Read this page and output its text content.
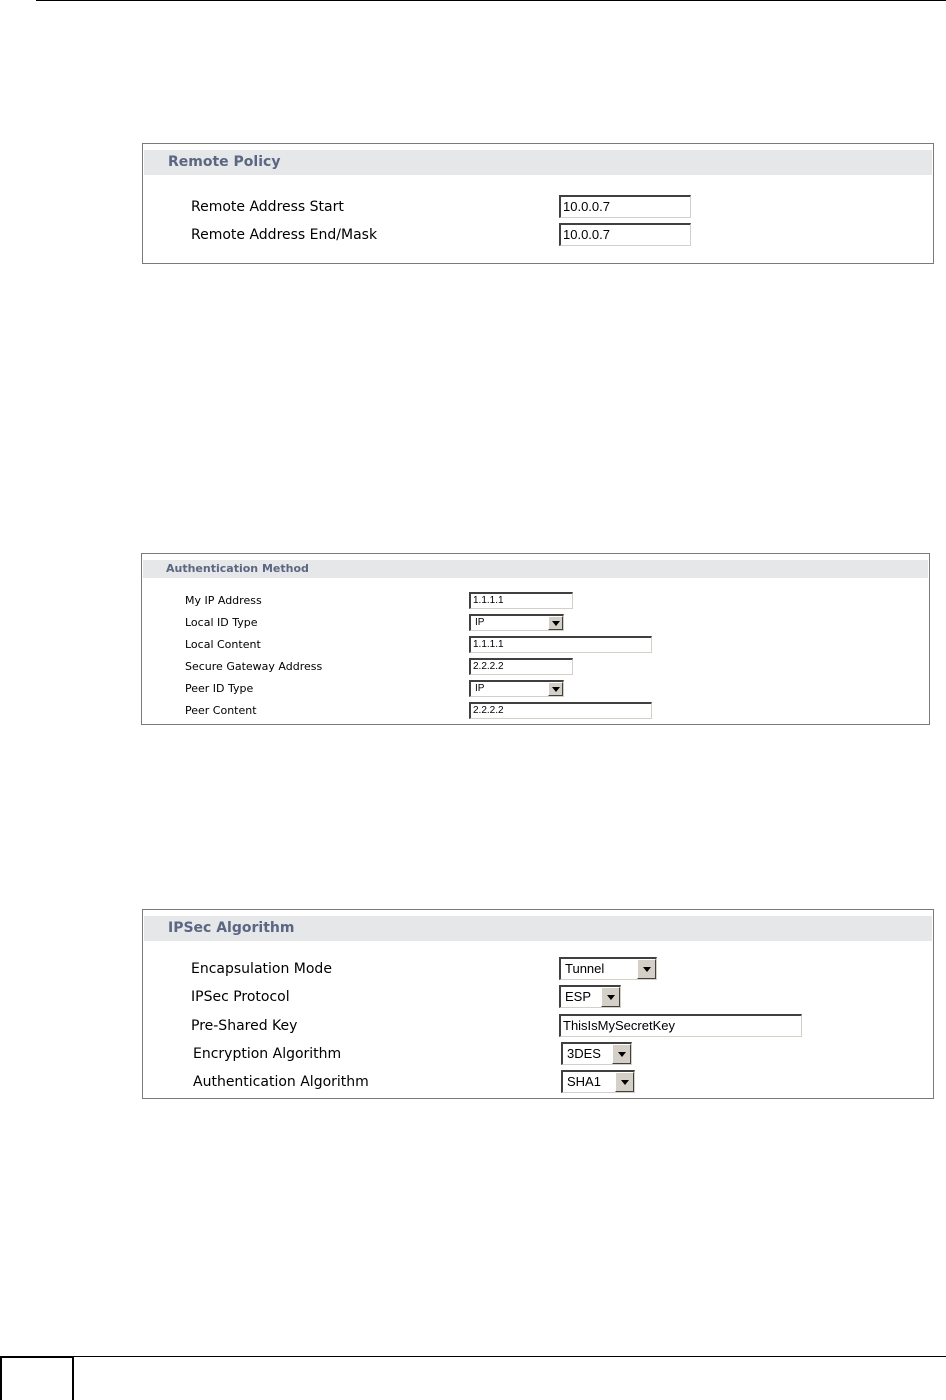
Remote Policy
Remote Address Start	10.0.0.7
Remote Address End/Mask	10.0.0.7
Authentication Method
My IP Address	1.1.1.1
Local ID Type	IP
Local Content	1.1.1.1
Secure Gateway Address	2.2.2.2
Peer ID Type	IP
Peer Content	2.2.2.2
IPSec Algorithm
Encapsulation Mode	Tunnel
IPSec Protocol	ESP
Pre-Shared Key	ThisIsMySecretKey
Encryption Algorithm	3DES
Authentication Algorithm	SHA1
